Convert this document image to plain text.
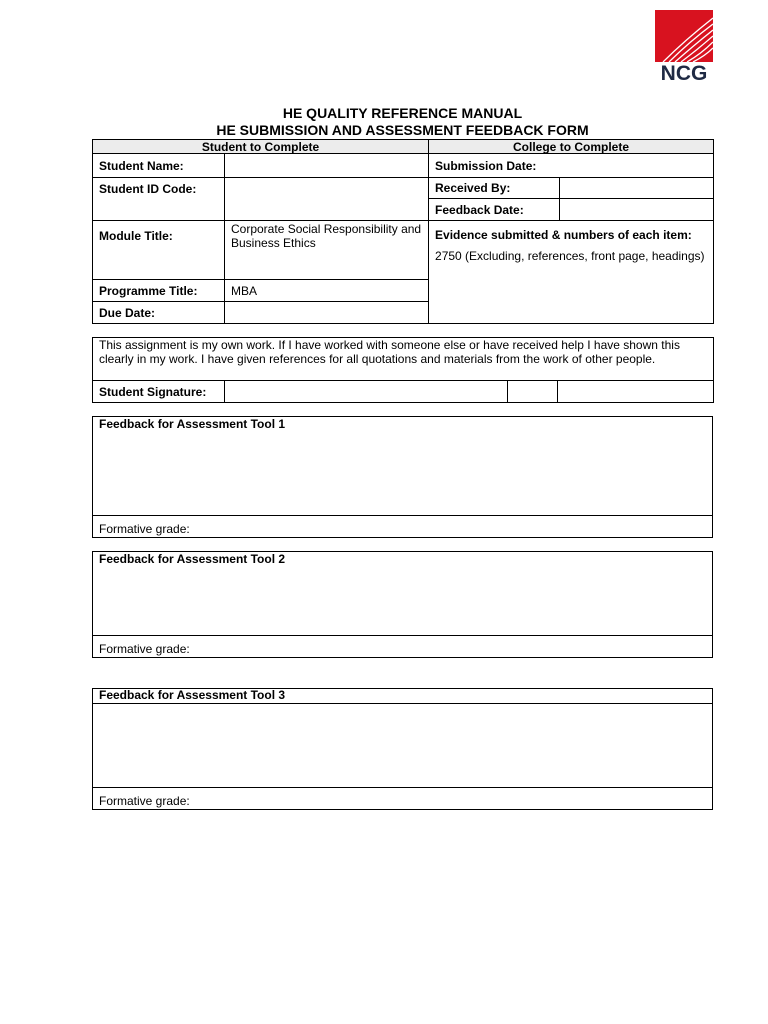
NCG
HE QUALITY REFERENCE MANUAL
HE SUBMISSION AND ASSESSMENT FEEDBACK FORM
Student to Complete		College to Complete	
Student Name:		Submission Date:	
Student ID Code:		Received By:	
		Feedback Date:	
Module Title:	Corporate Social Responsibility and Business Ethics	Evidence submitted & numbers of each item:
2750 (Excluding, references, front page, headings)	

Programme Title:	MBA		
Due Date:			
This assignment is my own work. If I have worked with someone else or have received help I have shown this clearly in my work. I have given references for all quotations and materials from the work of other people.
Student Signature:			
Feedback for Assessment Tool 1
Formative grade:
Feedback for Assessment Tool 2
Formative grade:
Feedback for Assessment Tool 3

Formative grade:
